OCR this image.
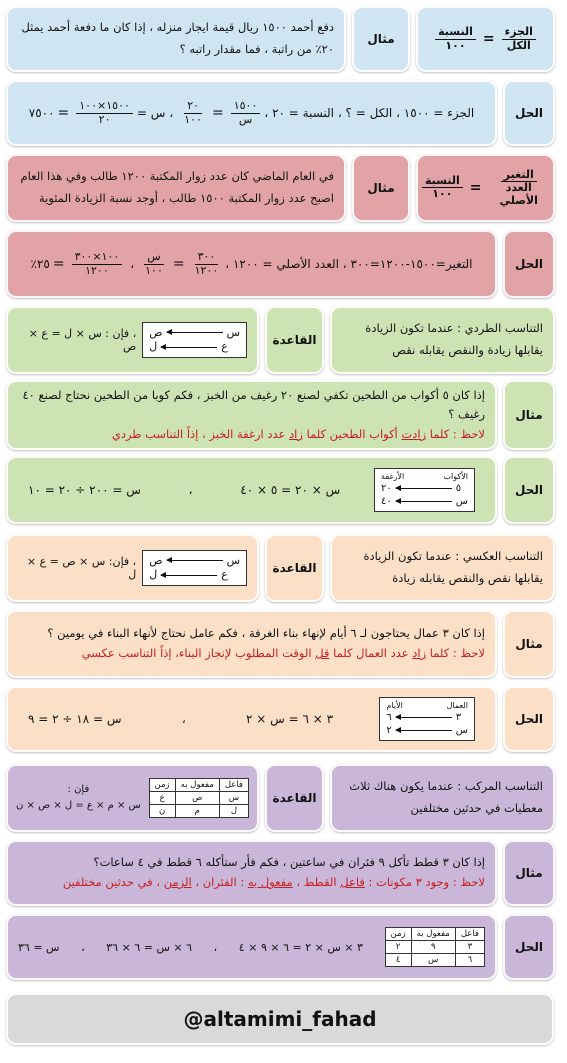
$\frac{\text{الجزء}}{\text{الكل}}$
=
$\frac{\text{النسبة}}{١٠٠}$
مثال
دفع أحمد ١٥٠٠ ريال قيمة ايجار منزله ، إذا كان ما دفعة أحمد يمثل ٢٠٪ من راتبة ، فما مقدار راتبه ؟
الحل
الجزء = ١٥٠٠ ، الكل = ؟ ، النسبة = ٢٠ ،
$\frac{١٥٠٠}{\text{س}}$
=
$\frac{٢٠}{١٠٠}$
،
س =
$\frac{١٥٠٠\times ١٠٠}{٢٠}$
=
٧٥٠٠
$\frac{\text{التغير}}{\text{العدد الأصلي}}$
=
$\frac{\text{النسبة}}{١٠٠}$
مثال
في العام الماضي كان عدد زوار المكتبة ١٢٠٠ طالب وفي هذا العام اصبح عدد زوار المكتبة ١٥٠٠ طالب ، أوجد نسبة الزيادة المئوية
الحل
التغير=١٥٠٠-١٢٠٠=٣٠٠ ، العدد الأصلي = ١٢٠٠ ،
$\frac{٣٠٠}{١٢٠٠}$
=
$\frac{\text{س}}{١٠٠}$
،
$\frac{١٠٠\times ٣٠٠}{١٢٠٠}$
=
٢٥٪
التناسب الطردي : عندما تكون الزيادة
يقابلها زيادة والنقص يقابله نقص
القاعدة
ص	س
ل	ع
، فإن : س × ل = ع × ص
مثال
إذا كان ٥ أكواب من الطحين تكفي لصنع ٢٠ رغيف من الخبز ، فكم كوبا من الطحين نحتاج لصنع ٤٠ رغيف ؟
لاحظ : كلما زادت أكواب الطحين كلما زاد عدد ارغفة الخبز ، إذاً التناسب طردي
الحل
الأرغفة	الأكواب
٢٠	٥
٤٠	س
س × ٢٠ = ٥ × ٤٠
،
س = ٢٠٠ ÷ ٢٠ = ١٠
التناسب العكسي : عندما تكون الزيادة
يقابلها نقص والنقص يقابله زيادة
القاعدة
ص	س
ل	ع
، فإن: س × ص = ع × ل
مثال
إذا كان ٣ عمال يحتاجون لـ ٦ أيام لإنهاء بناء الغرفة ، فكم عامل نحتاج لأنهاء البناء في يومين ؟
لاحظ : كلما زاد عدد العمال كلما قل الوقت المطلوب لإنجاز البناء، إذاً التناسب عكسي
الحل
الأيام	العمال
٦	٣
٢	س
٣ × ٦ = س × ٢
،
س = ١٨ ÷ ٢ = ٩
التناسب المركب : عندما يكون هناك ثلاث
معطيات في حدثين مختلفين
القاعدة
فاعل	مفعول به	زمن
س	ص	ع
ل	م	ن
فإن :
س × م × ع = ل × ص × ن
مثال
إذا كان ٣ قطط تأكل ٩ فئران في ساعتين ، فكم فأر ستأكله ٦ قطط في ٤ ساعات؟
لاحظ : وجود ٣ مكونات : فاعل القطط ، مفعول به : الفئران ، الزمن ، في حدثين مختلفين
الحل
فاعل	مفعول به	زمن
٣	٩	٢
٦	س	٤
٣ × س × ٢ = ٦ × ٩ × ٤
،
٦ × س = ٦ × ٣٦
،
س = ٣٦
@altamimi_fahad
